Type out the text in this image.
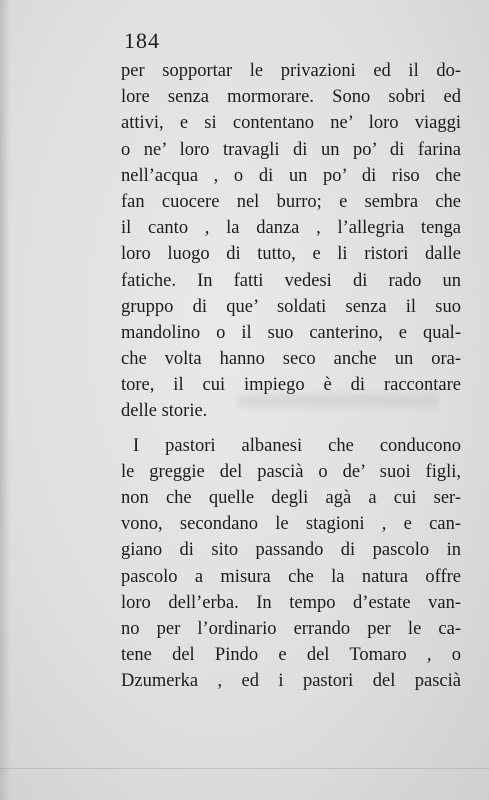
184
per sopportar le privazioni ed il do-
lore senza mormorare. Sono sobri ed
attivi, e si contentano ne’ loro viaggi
o ne’ loro travagli di un po’ di farina
nell’acqua , o di un po’ di riso che
fan cuocere nel burro; e sembra che
il canto , la danza , l’allegria tenga
loro luogo di tutto, e li ristori dalle
fatiche. In fatti vedesi di rado un
gruppo di que’ soldati senza il suo
mandolino o il suo canterino, e qual-
che volta hanno seco anche un ora-
tore, il cui impiego è di raccontare
delle storie.
I pastori albanesi che conducono
le greggie del pascià o de’ suoi figli,
non che quelle degli agà a cui ser-
vono, secondano le stagioni , e can-
giano di sito passando di pascolo in
pascolo a misura che la natura offre
loro dell’erba. In tempo d’estate van-
no per l’ordinario errando per le ca-
tene del Pindo e del Tomaro , o
Dzumerka , ed i pastori del pascià
